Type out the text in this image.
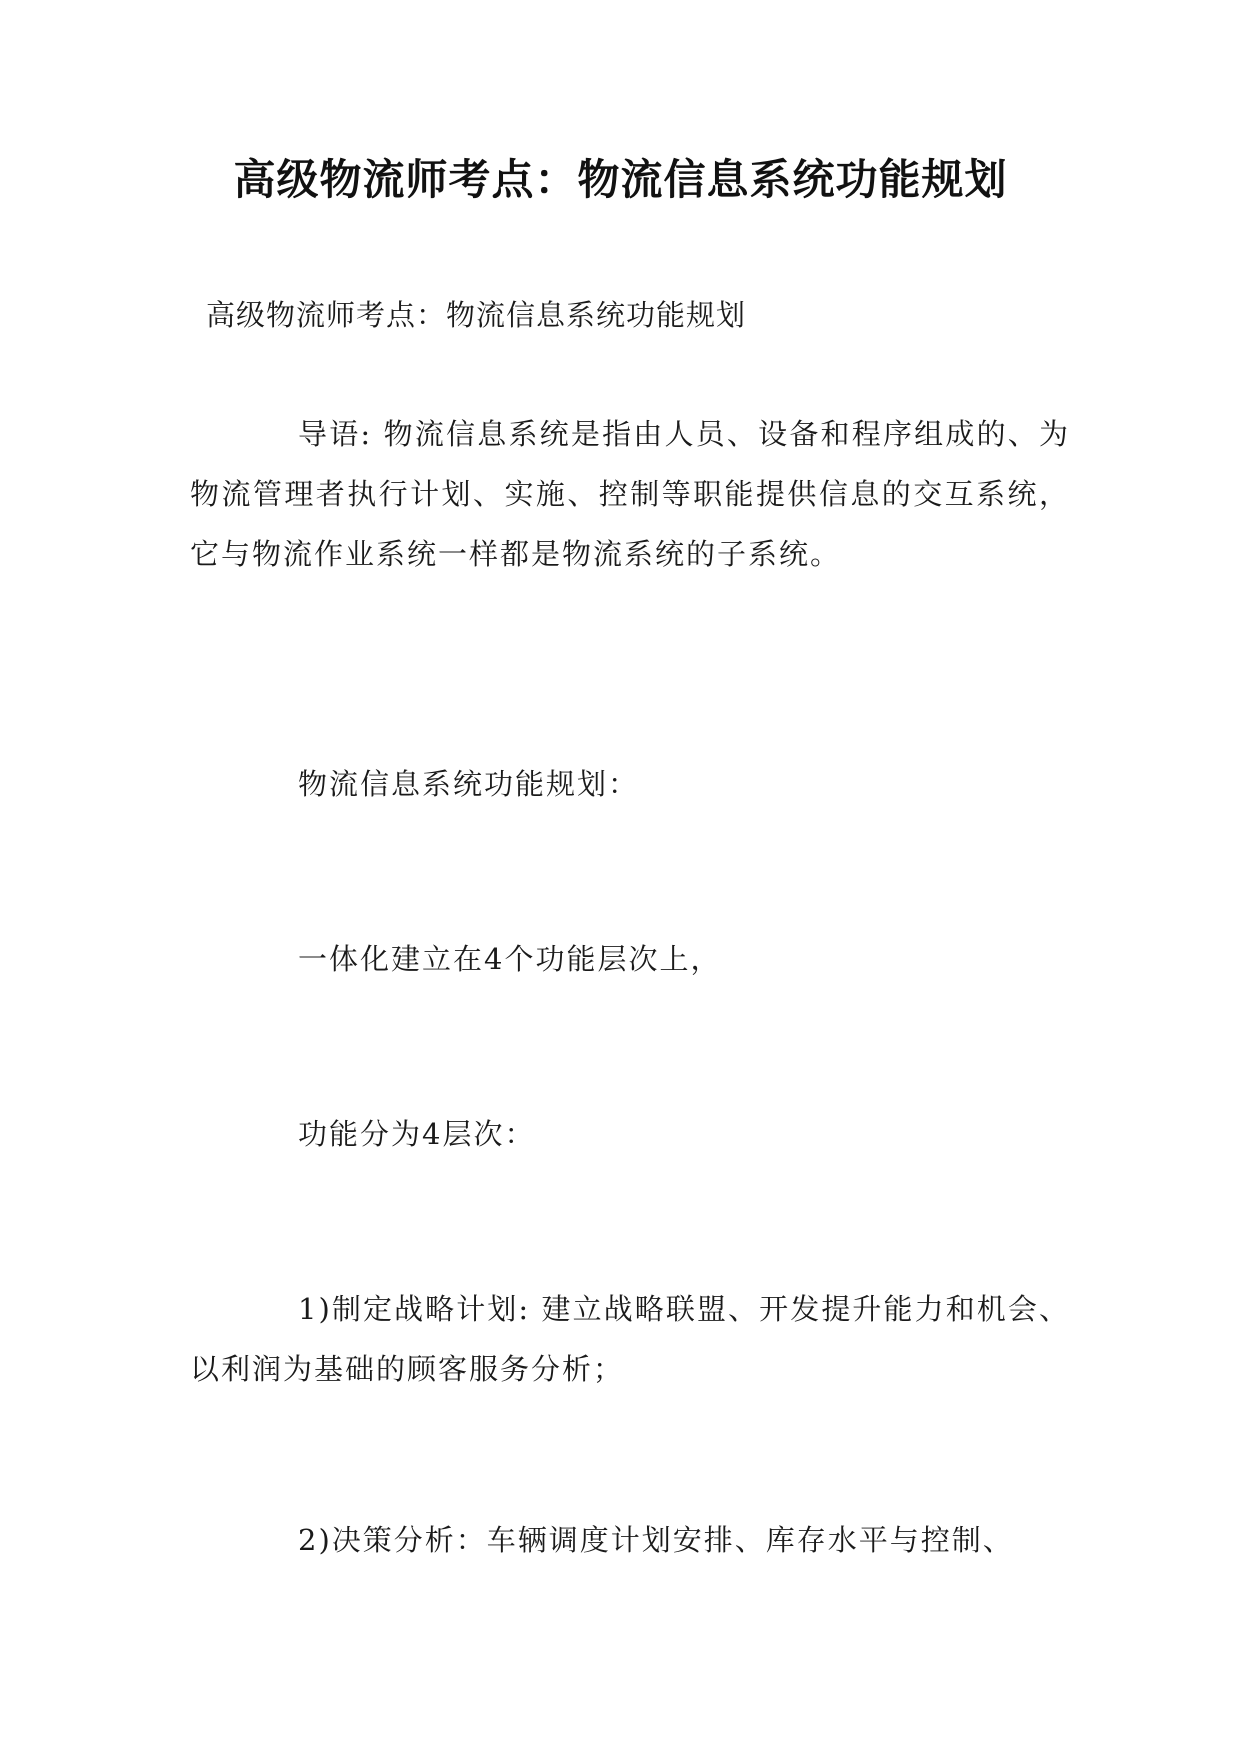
高级物流师考点：物流信息系统功能规划

高级物流师考点：物流信息系统功能规划

导语: 物流信息系统是指由人员、设备和程序组成的、为物流管理者执行计划、实施、控制等职能提供信息的交互系统，它与物流作业系统一样都是物流系统的子系统。

物流信息系统功能规划：

一体化建立在4个功能层次上，

功能分为4层次：

1)制定战略计划: 建立战略联盟、开发提升能力和机会、以利润为基础的顾客服务分析；

2)决策分析：车辆调度计划安排、库存水平与控制、
